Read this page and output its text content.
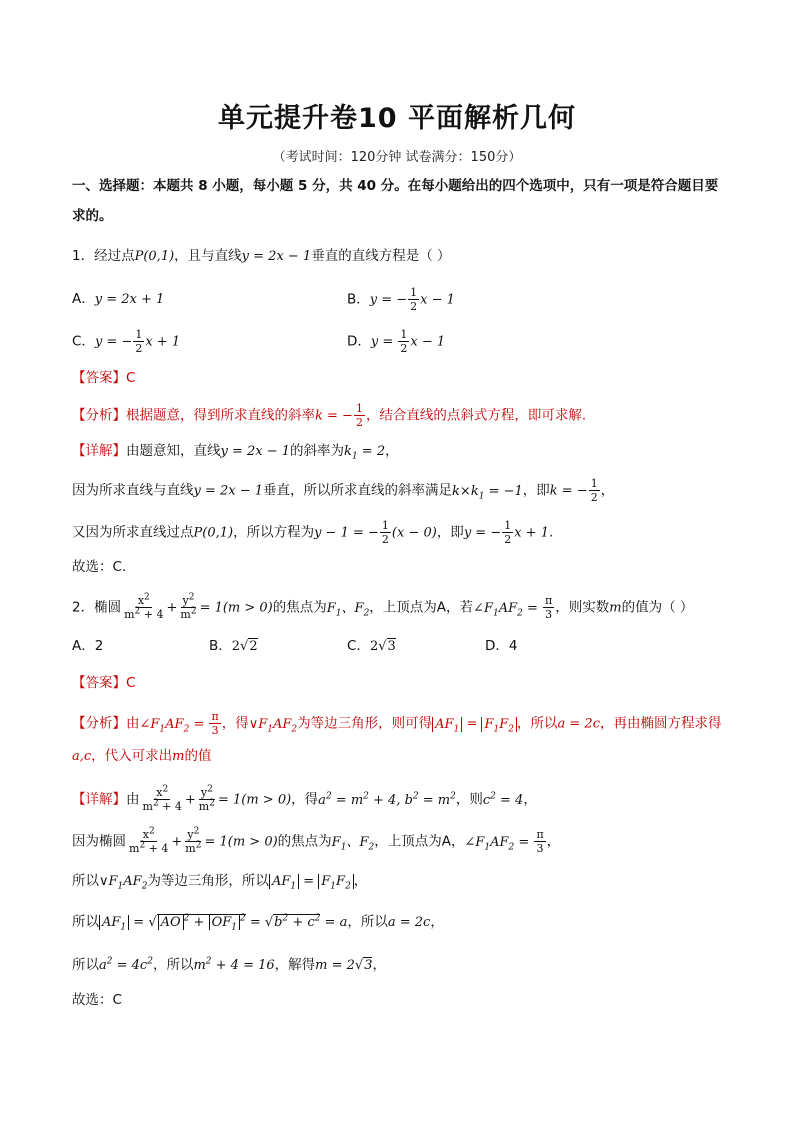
单元提升卷10 平面解析几何
（考试时间：120分钟 试卷满分：150分）
一、选择题：本题共 8 小题，每小题 5 分，共 40 分。在每小题给出的四个选项中，只有一项是符合题目要
求的。
1．经过点P(0,1)，且与直线y = 2x − 1垂直的直线方程是（ ）
A．y = 2x + 1	B．y = − $\frac{1}{2}$ x − 1
C．y = − $\frac{1}{2}$ x + 1	D．$y = \frac{1}{2}$ x − 1
【答案】C
【分析】根据题意，得到所求直线的斜率k = − $\frac{1}{2}$ ，结合直线的点斜式方程，即可求解.
【详解】由题意知，直线y = 2x − 1的斜率为$k_1 = 2$，
因为所求直线与直线y = 2x − 1垂直，所以所求直线的斜率满足$k\times k_1 = -1$，即k = − $\frac{1}{2}$ ，
又因为所求直线过点P(0,1)，所以方程为y − 1 = − $\frac{1}{2} (x - 0)$，即y = − $\frac{1}{2}$ x + 1.
故选：C.
2．椭圆 $\frac{x^2}{m^2 + 4} + \frac{y^2}{m^2} = 1(m > 0)$的焦点为$F_1$、$F_2$，上顶点为A，若$\angle F_1AF_2 = \frac{\pi}{3}$ ，则实数m的值为（ ）
A．2	B．2√2	C．2√3	D．4
【答案】C
【分析】由$\angle F_1AF_2 = \frac{\pi}{3}$ ，得$\vee F_1AF_2$为等边三角形，则可得 $AF_1 = F_1F_2$ ，所以a = 2c，再由椭圆方程求得
a,c，代入可求出m的值
【详解】由 $\frac{x^2}{m^2 + 4} + \frac{y^2}{m^2} = 1(m > 0)$，得$a^2 = m^2 + 4$, $b^2 = m^2$，则$c^2 = 4$，
因为椭圆 $\frac{x^2}{m^2 + 4} + \frac{y^2}{m^2} = 1(m > 0)$的焦点为$F_1$、$F_2$，上顶点为A，$\angle F_1AF_2 = \frac{\pi}{3}$ ，
所以$\vee F_1AF_2$为等边三角形，所以 $AF_1 = F_1F_2$ ，
所以 $AF_1$ = √ AO $^2 + OF_1^2 = √b^2 + c^2 = a$，所以a = 2c，
所以$a^2 = 4c^2$，所以$m^2 + 4 = 16$，解得m = 2√3，
故选：C
